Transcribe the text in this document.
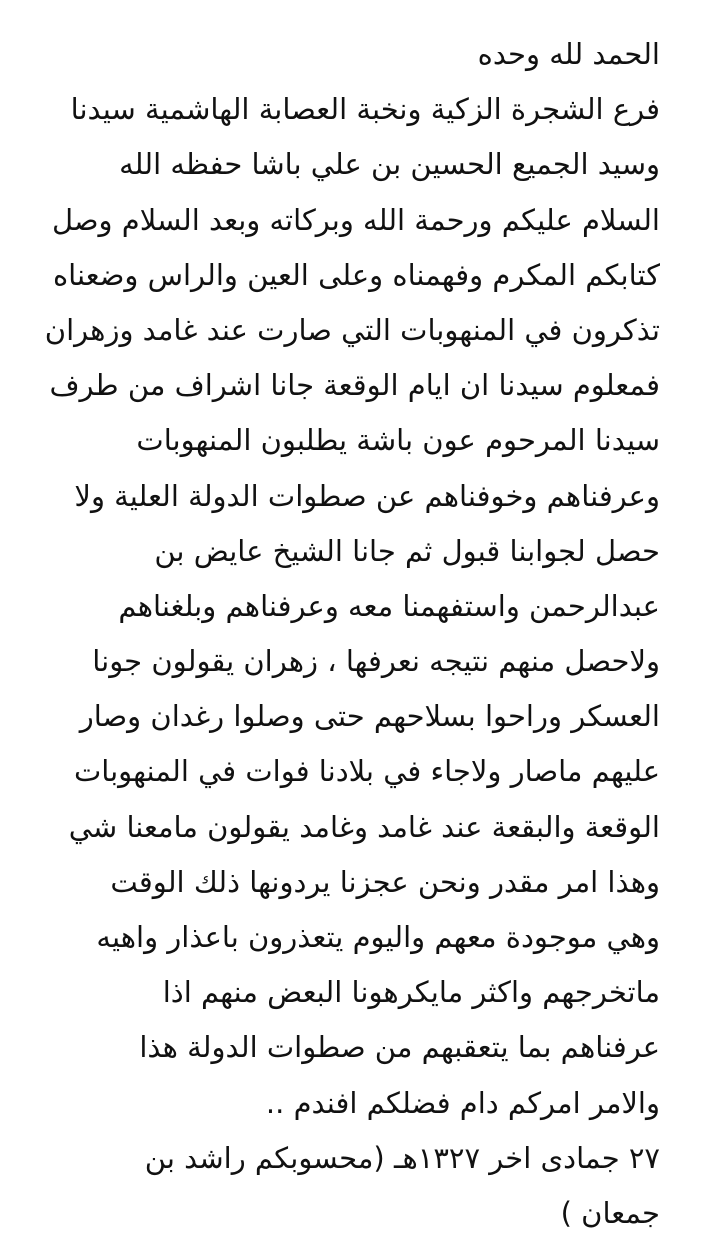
الحمد لله وحده
فرع الشجرة الزكية ونخبة العصابة الهاشمية سيدنا
وسيد الجميع الحسين بن علي باشا حفظه الله
السلام عليكم ورحمة الله وبركاته وبعد السلام وصل
كتابكم المكرم وفهمناه وعلى العين والراس وضعناه
تذكرون في المنهوبات التي صارت عند غامد وزهران
فمعلوم سيدنا ان ايام الوقعة جانا اشراف من طرف
سيدنا المرحوم عون باشة يطلبون المنهوبات
وعرفناهم وخوفناهم عن صطوات الدولة العلية ولا
حصل لجوابنا قبول ثم جانا الشيخ عايض بن
عبدالرحمن واستفهمنا معه وعرفناهم وبلغناهم
ولاحصل منهم نتيجه نعرفها ، زهران يقولون جونا
العسكر وراحوا بسلاحهم حتى وصلوا رغدان وصار
عليهم ماصار ولاجاء في بلادنا فوات في المنهوبات
الوقعة والبقعة عند غامد وغامد يقولون مامعنا شي
وهذا امر مقدر ونحن عجزنا يردونها ذلك الوقت
وهي موجودة معهم واليوم يتعذرون باعذار واهيه
ماتخرجهم واكثر مايكرهونا البعض منهم اذا
عرفناهم بما يتعقبهم من صطوات الدولة هذا
والامر امركم دام فضلكم افندم ..
٢٧ جمادى اخر ١٣٢٧هـ (محسوبكم راشد بن
جمعان )
